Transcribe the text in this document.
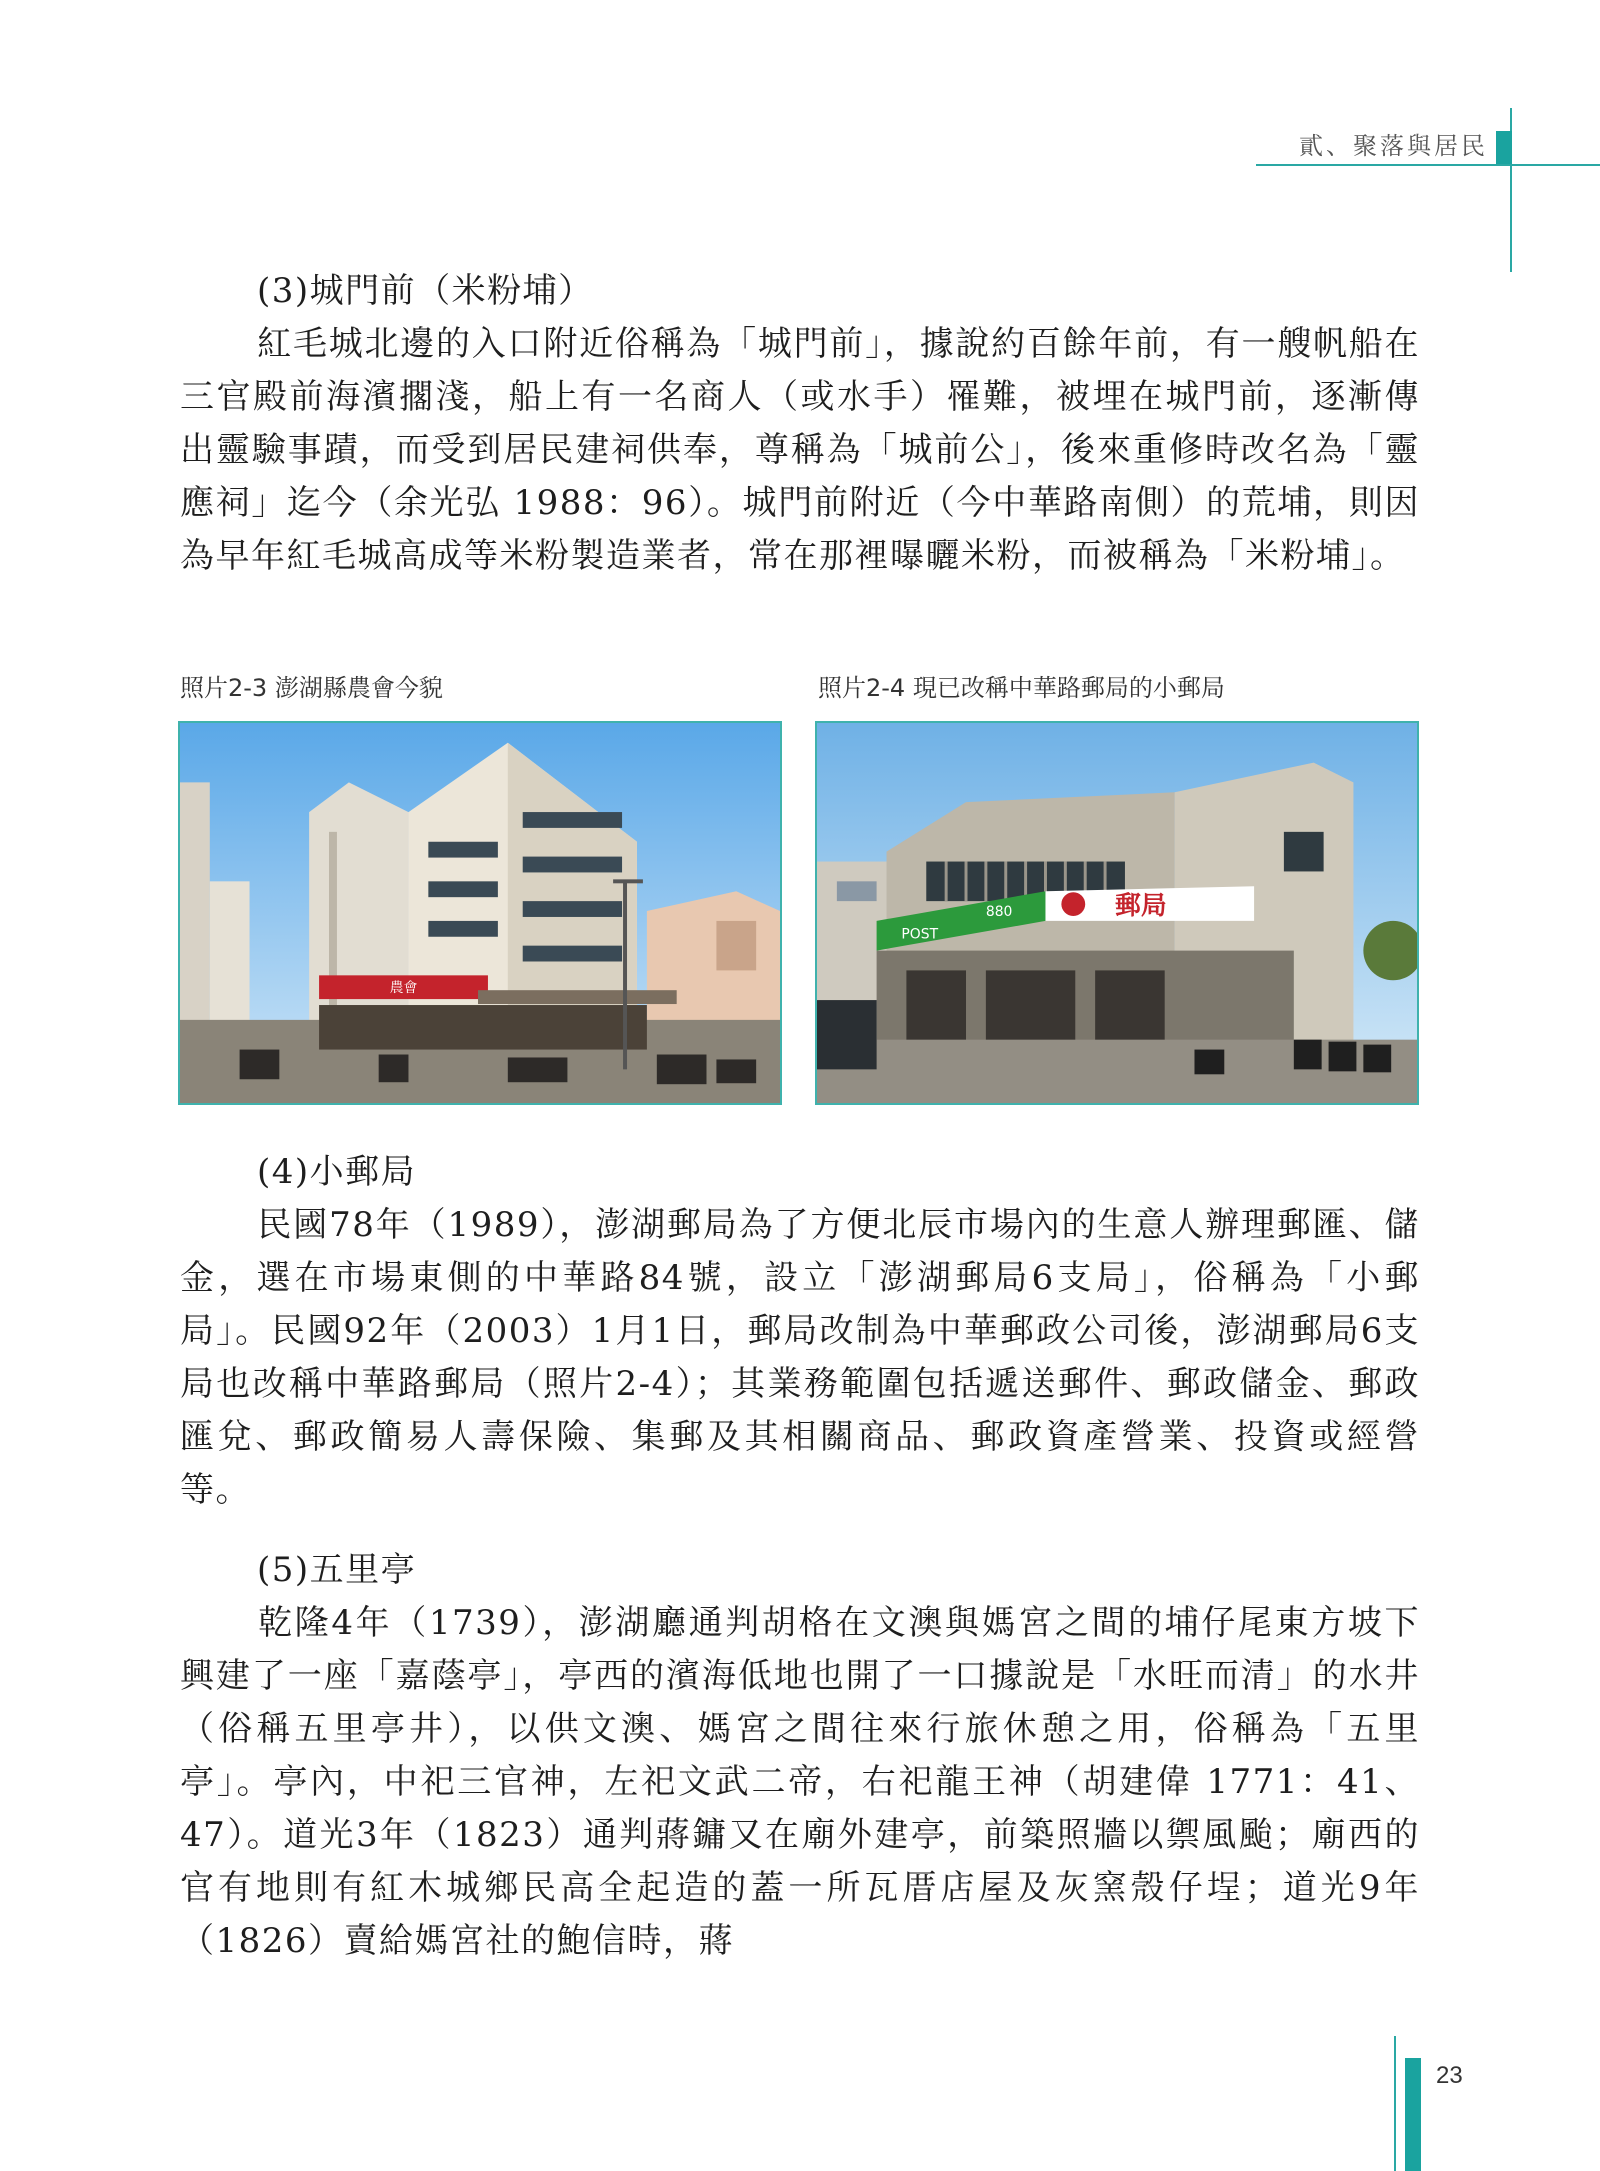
貳、聚落與居民

(3)城門前（米粉埔）

紅毛城北邊的入口附近俗稱為「城門前」，據說約百餘年前，有一艘帆船在三官殿前海濱擱淺，船上有一名商人（或水手）罹難，被埋在城門前，逐漸傳出靈驗事蹟，而受到居民建祠供奉，尊稱為「城前公」，後來重修時改名為「靈應祠」迄今（余光弘 1988：96）。城門前附近（今中華路南側）的荒埔，則因為早年紅毛城高成等米粉製造業者，常在那裡曝曬米粉，而被稱為「米粉埔」。

照片2-3 澎湖縣農會今貌	照片2-4 現已改稱中華路郵局的小郵局
農會
POST
880	郵局

(4)小郵局

民國78年（1989），澎湖郵局為了方便北辰市場內的生意人辦理郵匯、儲金，選在市場東側的中華路84號，設立「澎湖郵局6支局」，俗稱為「小郵局」。民國92年（2003）1月1日，郵局改制為中華郵政公司後，澎湖郵局6支局也改稱中華路郵局（照片2-4）；其業務範圍包括遞送郵件、郵政儲金、郵政匯兌、郵政簡易人壽保險、集郵及其相關商品、郵政資產營業、投資或經營等。

(5)五里亭

乾隆4年（1739），澎湖廳通判胡格在文澳與媽宮之間的埔仔尾東方坡下興建了一座「嘉蔭亭」，亭西的濱海低地也開了一口據說是「水旺而清」的水井（俗稱五里亭井），以供文澳、媽宮之間往來行旅休憩之用，俗稱為「五里亭」。亭內，中祀三官神，左祀文武二帝，右祀龍王神（胡建偉 1771：41、47）。道光3年（1823）通判蔣鏞又在廟外建亭，前築照牆以禦風颱；廟西的官有地則有紅木城鄉民高全起造的蓋一所瓦厝店屋及灰窯殼仔埕；道光9年（1826）賣給媽宮社的鮑信時，蔣

23
